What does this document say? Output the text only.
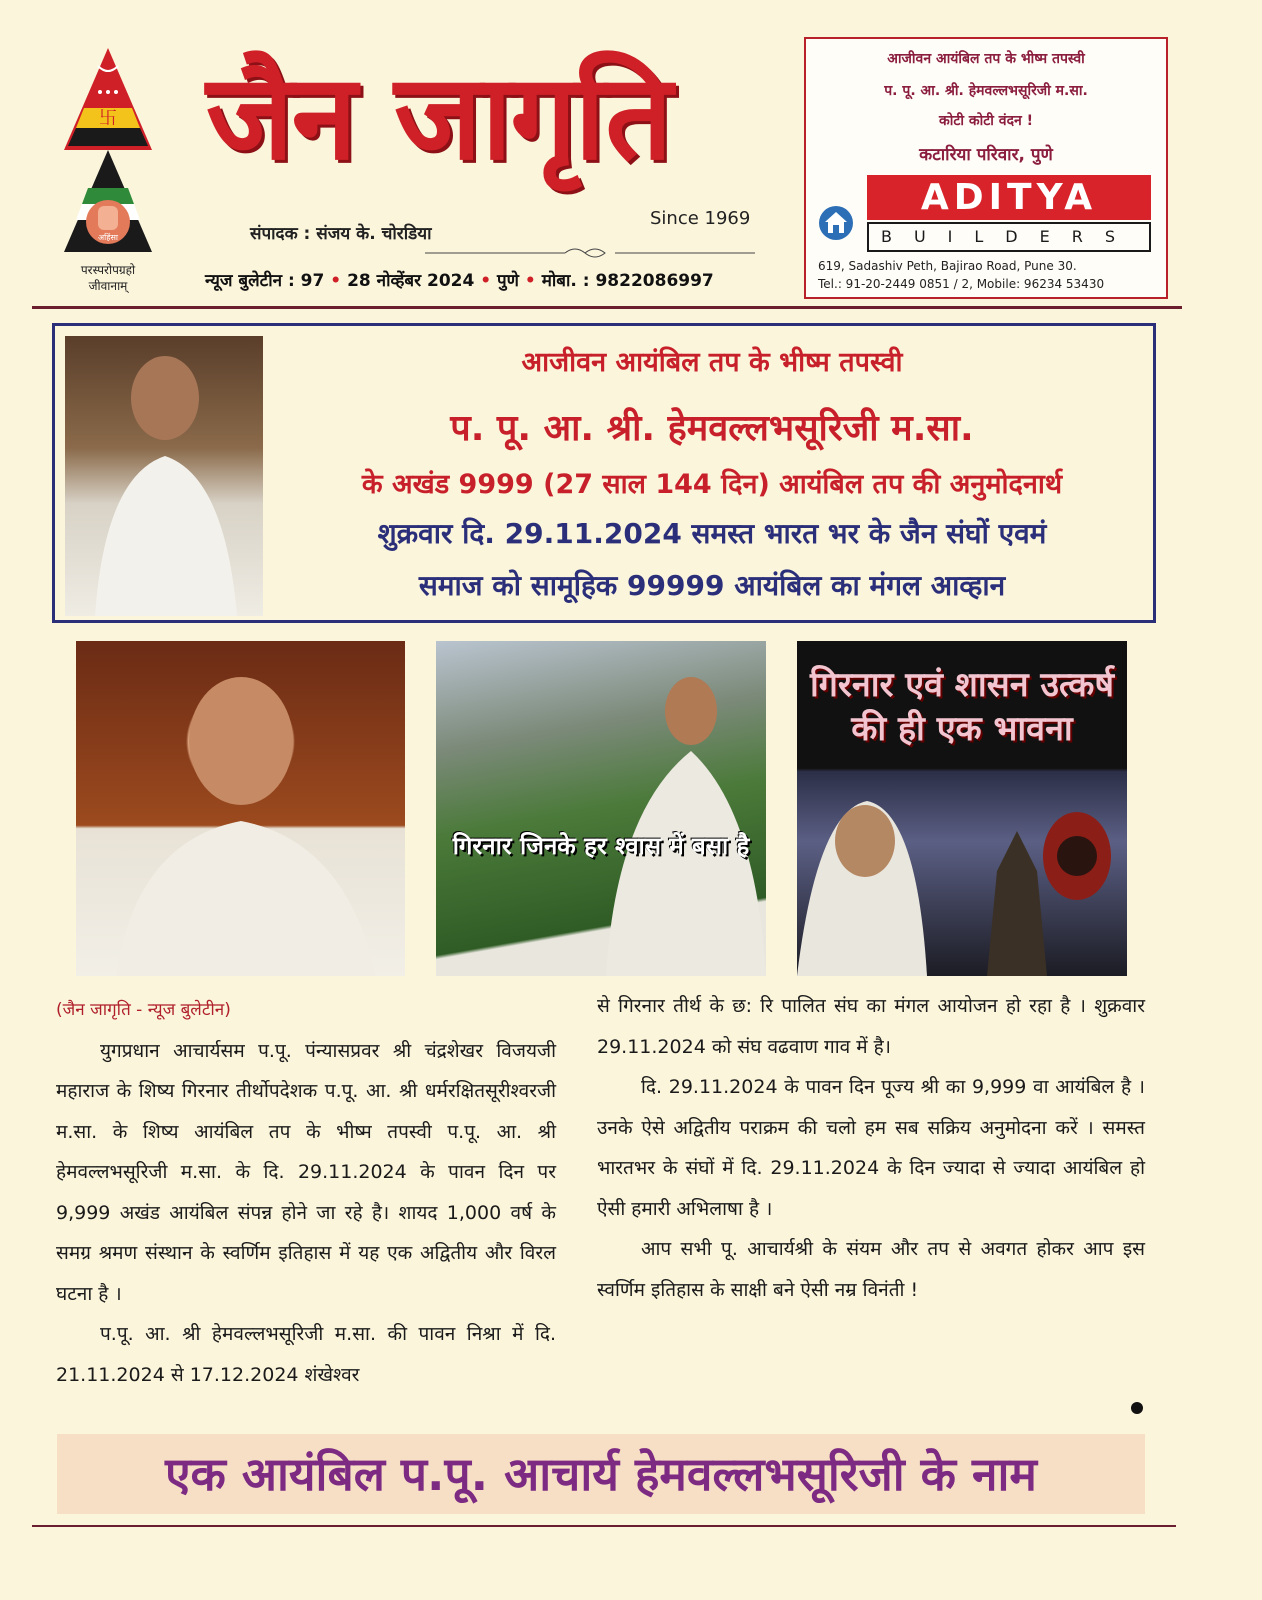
卐
अहिंसा
परस्परोपग्रहो
जीवानाम्
जैन जागृति
Since 1969
संपादक : संजय के. चोरडिया
न्यूज बुलेटीन : 97 • 28 नोव्हेंबर 2024 • पुणे • मोबा. : 9822086997
आजीवन आयंबिल तप के भीष्म तपस्वी
प. पू. आ. श्री. हेमवल्लभसूरिजी म.सा.
कोटी कोटी वंदन !
कटारिया परिवार, पुणे
ADITYA
BUILDERS
619, Sadashiv Peth, Bajirao Road, Pune 30.
Tel.: 91-20-2449 0851 / 2, Mobile: 96234 53430
आजीवन आयंबिल तप के भीष्म तपस्वी
प. पू. आ. श्री. हेमवल्लभसूरिजी म.सा.
के अखंड 9999 (27 साल 144 दिन) आयंबिल तप की अनुमोदनार्थ
शुक्रवार दि. 29.11.2024 समस्त भारत भर के जैन संघों एवमं
समाज को सामूहिक 99999 आयंबिल का मंगल आव्हान
गिरनार जिनके हर श्वास में बसा है
गिरनार एवं शासन उत्कर्ष की ही एक भावना

(जैन जागृति - न्यूज बुलेटीन)

युगप्रधान आचार्यसम प.पू. पंन्यासप्रवर श्री चंद्रशेखर विजयजी महाराज के शिष्य गिरनार तीर्थोपदेशक प.पू. आ. श्री धर्मरक्षितसूरीश्वरजी म.सा. के शिष्य आयंबिल तप के भीष्म तपस्वी प.पू. आ. श्री हेमवल्लभसूरिजी म.सा. के दि. 29.11.2024 के पावन दिन पर 9,999 अखंड आयंबिल संपन्न होने जा रहे है। शायद 1,000 वर्ष के समग्र श्रमण संस्थान के स्वर्णिम इतिहास में यह एक अद्वितीय और विरल घटना है ।

प.पू. आ. श्री हेमवल्लभसूरिजी म.सा. की पावन निश्रा में दि. 21.11.2024 से 17.12.2024 शंखेश्वर

से गिरनार तीर्थ के छ: रि पालित संघ का मंगल आयोजन हो रहा है । शुक्रवार 29.11.2024 को संघ वढवाण गाव में है।

दि. 29.11.2024 के पावन दिन पूज्य श्री का 9,999 वा आयंबिल है । उनके ऐसे अद्वितीय पराक्रम की चलो हम सब सक्रिय अनुमोदना करें । समस्त भारतभर के संघों में दि. 29.11.2024 के दिन ज्यादा से ज्यादा आयंबिल हो ऐसी हमारी अभिलाषा है ।

आप सभी पू. आचार्यश्री के संयम और तप से अवगत होकर आप इस स्वर्णिम इतिहास के साक्षी बने ऐसी नम्र विनंती !

एक आयंबिल प.पू. आचार्य हेमवल्लभसूरिजी के नाम
